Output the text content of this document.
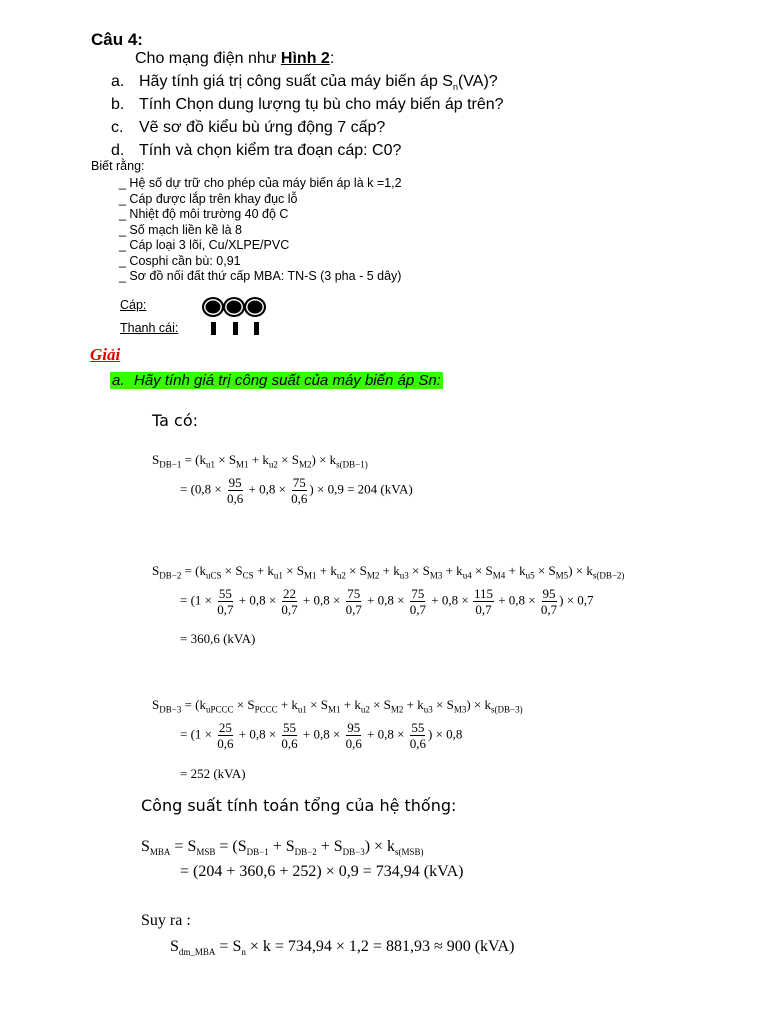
Câu 4:
Cho mạng điện như Hình 2:
a. Hãy tính giá trị công suất của máy biến áp $S_n(VA)$?
b. Tính Chọn dung lượng tụ bù cho máy biến áp trên?
c. Vẽ sơ đồ kiểu bù ứng động 7 cấp?
d. Tính và chọn kiểm tra đoạn cáp: C0?
Biết rằng:
_ Hệ số dự trữ cho phép của máy biến áp là k =1,2
_ Cáp được lắp trên khay đục lỗ
_ Nhiệt độ môi trường 40 độ C
_ Số mạch liền kề là 8
_ Cáp loại 3 lõi, Cu/XLPE/PVC
_ Cosphi cần bù: 0,91
_ Sơ đồ nối đất thứ cấp MBA: TN-S (3 pha - 5 dây)
Cáp:
Thanh cái:
Giải
a. Hãy tính giá trị công suất của máy biến áp Sn:
Ta có:
$S_{DB-1} = (k_{u1} \times S_{M1} + k_{u2} \times S_{M2}) \times k_{s(DB-1)}$
= ($0,8 \times \frac{95}{0,6} + 0,8 \times \frac{75}{0,6}$ ) × 0,9 = 204 (kVA)
$S_{DB-2} = (k_{uCS} \times S_{CS} + k_{u1} \times S_{M1} + k_{u2} \times S_{M2} + k_{u3} \times S_{M3} + k_{u4} \times S_{M4} + k_{u5} \times S_{M5}) \times k_{s(DB-2)}$
= ($1 \times \frac{55}{0,7} + 0,8 \times \frac{22}{0,7} + 0,8 \times \frac{75}{0,7} + 0,8 \times \frac{75}{0,7} + 0,8 \times \frac{115}{0,7} + 0,8 \times \frac{95}{0,7}$ ) × 0,7
= 360,6 (kVA)
$S_{DB-3} = (k_{uPCCC} \times S_{PCCC} + k_{u1} \times S_{M1} + k_{u2} \times S_{M2} + k_{u3} \times S_{M3}) \times k_{s(DB-3)}$
= ($1 \times \frac{25}{0,6} + 0,8 \times \frac{55}{0,6} + 0,8 \times \frac{95}{0,6} + 0,8 \times \frac{55}{0,6}$ ) × 0,8
= 252 (kVA)
Công suất tính toán tổng của hệ thống:
$S_{MBA} = S_{MSB} = (S_{DB-1} + S_{DB-2} + S_{DB-3}) \times k_{s(MSB)}$
= (204 + 360,6 + 252) × 0,9 = 734,94 (kVA)
Suy ra :
$S_{dm\_MBA} = S_n \times k = 734,94 \times 1,2 = 881,93 \approx 900$ (kVA)
